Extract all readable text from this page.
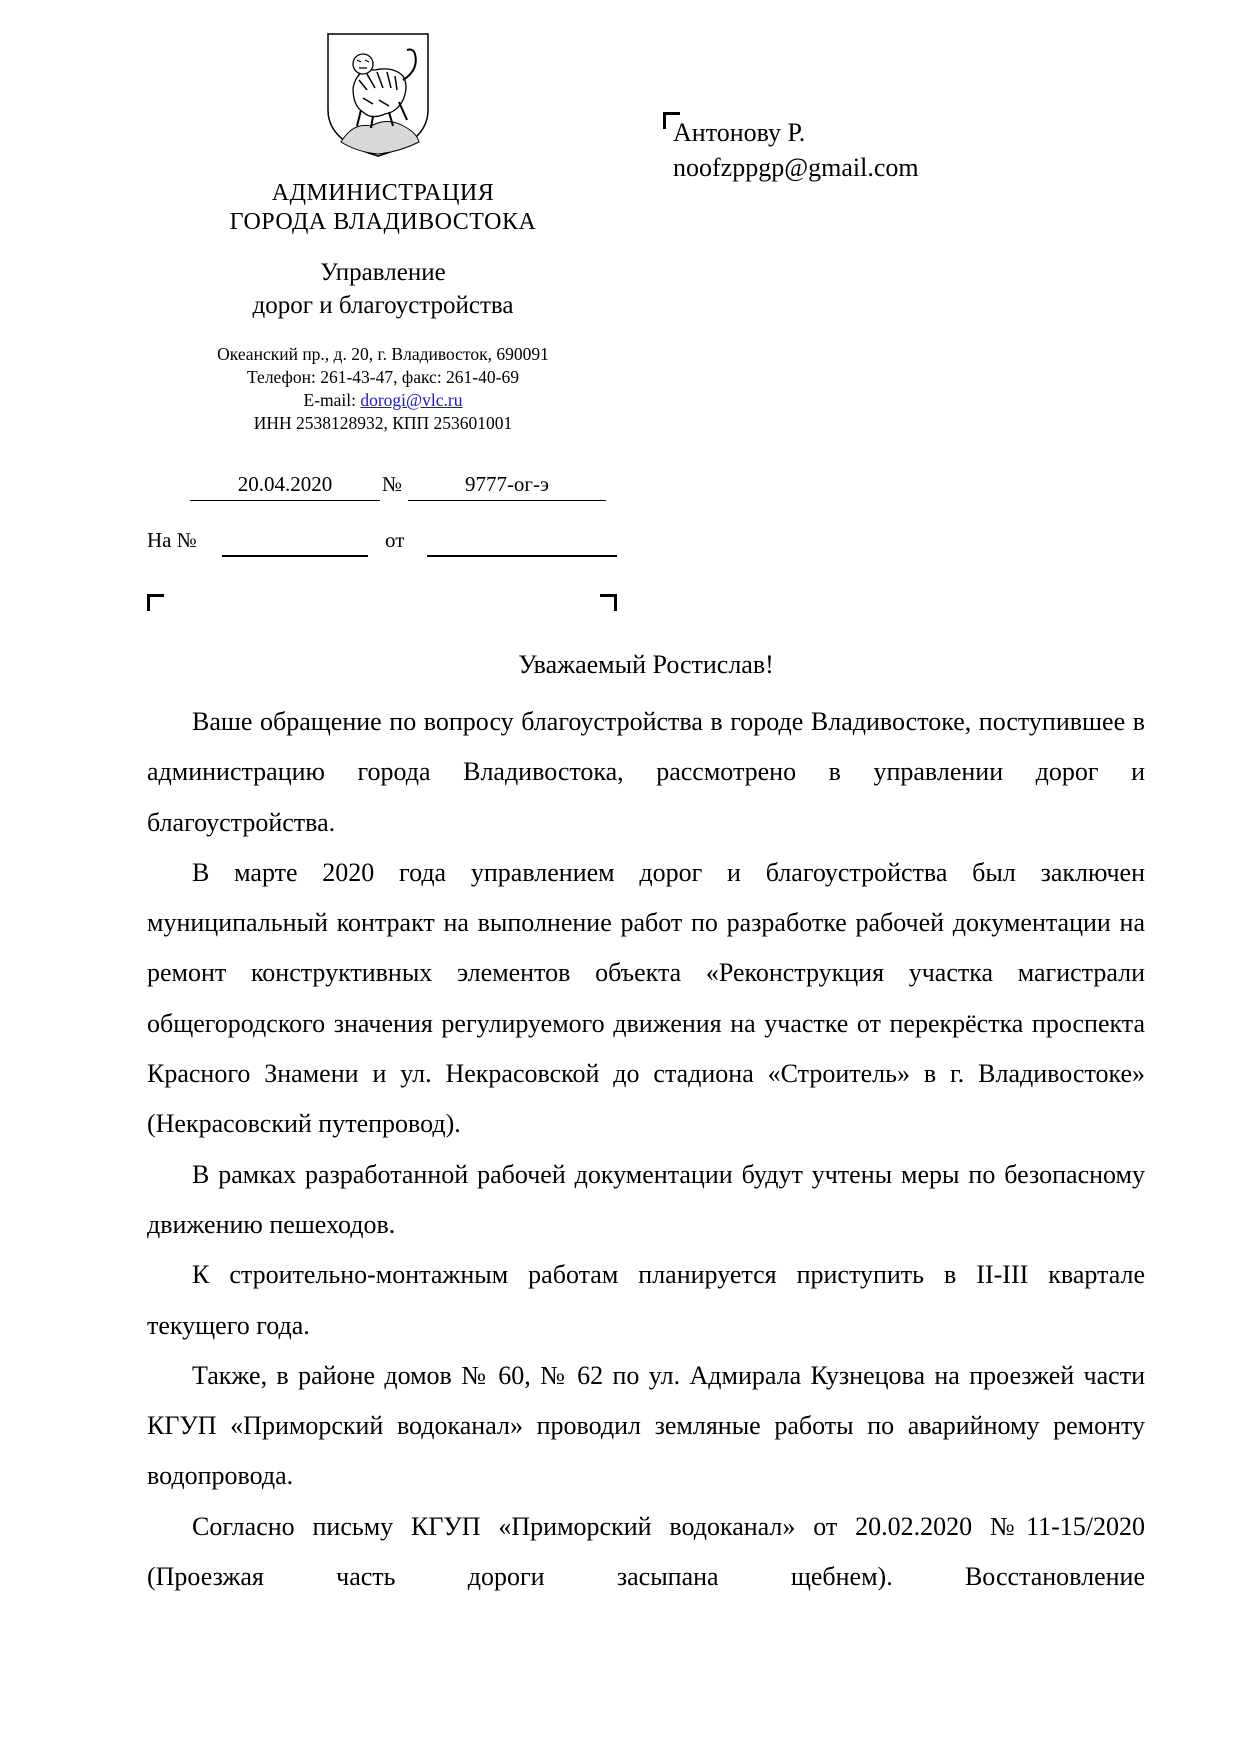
АДМИНИСТРАЦИЯ
ГОРОДА ВЛАДИВОСТОКА
Управление
дорог и благоустройства
Океанский пр., д. 20, г. Владивосток, 690091
Телефон: 261-43-47, факс: 261-40-69
E-mail: dorogi@vlc.ru
ИНН 2538128932, КПП 253601001
20.04.2020	№	9777-ог-э
На №	от
Антонову Р.
noofzppgp@gmail.com
Уважаемый Ростислав!

Ваше обращение по вопросу благоустройства в городе Владивостоке, поступившее в администрацию города Владивостока, рассмотрено в управлении дорог и благоустройства.

В марте 2020 года управлением дорог и благоустройства был заключен муниципальный контракт на выполнение работ по разработке рабочей документации на ремонт конструктивных элементов объекта «Реконструкция участка магистрали общегородского значения регулируемого движения на участке от перекрёстка проспекта Красного Знамени и ул. Некрасовской до стадиона «Строитель» в г. Владивостоке» (Некрасовский путепровод).

В рамках разработанной рабочей документации будут учтены меры по безопасному движению пешеходов.

К строительно-монтажным работам планируется приступить в II-III квартале текущего года.

Также, в районе домов № 60, № 62 по ул. Адмирала Кузнецова на проезжей части КГУП «Приморский водоканал» проводил земляные работы по аварийному ремонту водопровода.

Согласно письму КГУП «Приморский водоканал» от 20.02.2020 №11-15/2020 (Проезжая часть дороги засыпана щебнем). Восстановление
